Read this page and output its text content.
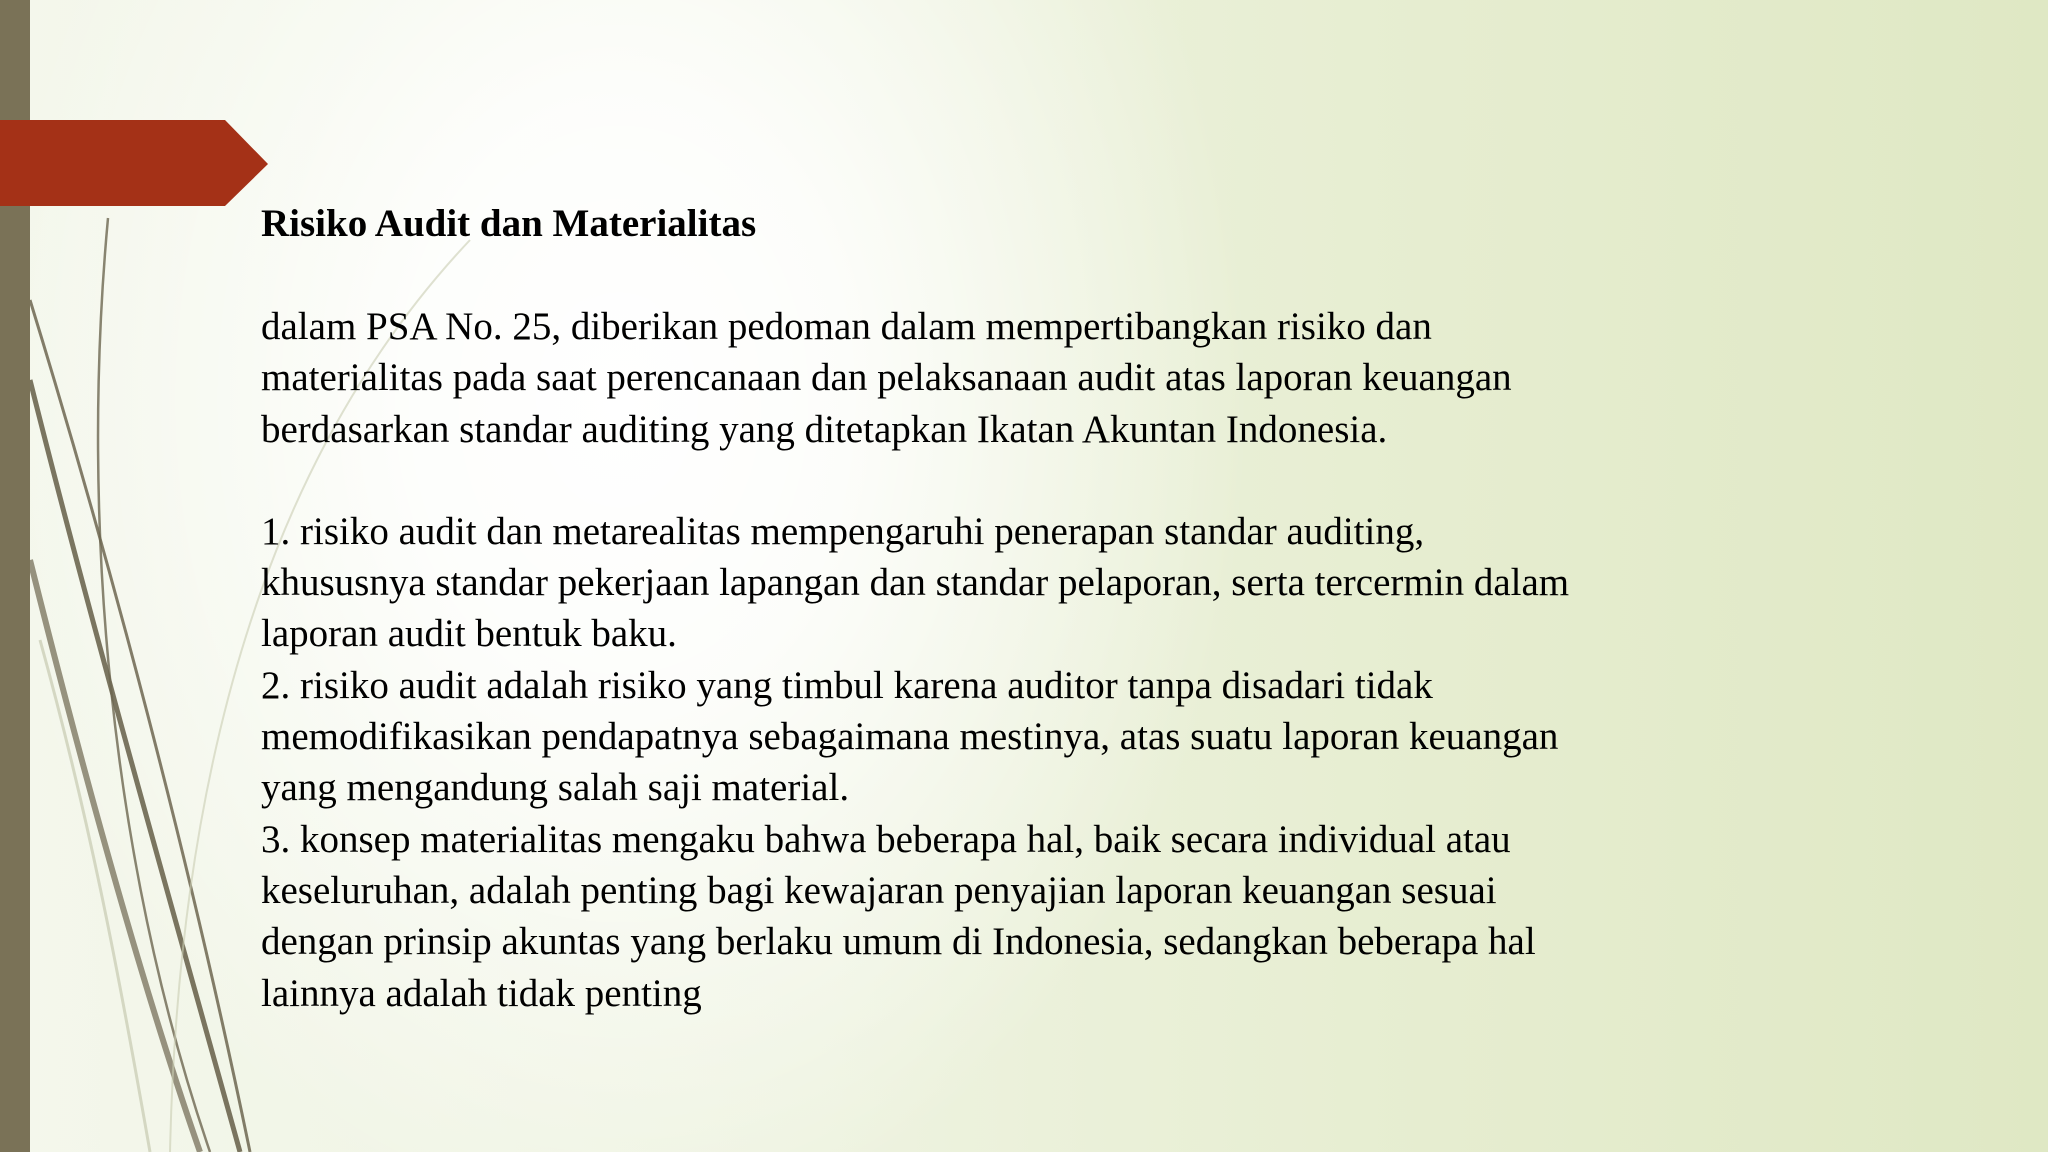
Risiko Audit dan Materialitas

dalam PSA No. 25, diberikan pedoman dalam mempertibangkan risiko dan
materialitas pada saat perencanaan dan pelaksanaan audit atas laporan keuangan
berdasarkan standar auditing yang ditetapkan Ikatan Akuntan Indonesia.

1. risiko audit dan metarealitas mempengaruhi penerapan standar auditing,
khususnya standar pekerjaan lapangan dan standar pelaporan, serta tercermin dalam
laporan audit bentuk baku.

2. risiko audit adalah risiko yang timbul karena auditor tanpa disadari tidak
memodifikasikan pendapatnya sebagaimana mestinya, atas suatu laporan keuangan
yang mengandung salah saji material.

3. konsep materialitas mengaku bahwa beberapa hal, baik secara individual atau
keseluruhan, adalah penting bagi kewajaran penyajian laporan keuangan sesuai
dengan prinsip akuntas yang berlaku umum di Indonesia, sedangkan beberapa hal
lainnya adalah tidak penting
